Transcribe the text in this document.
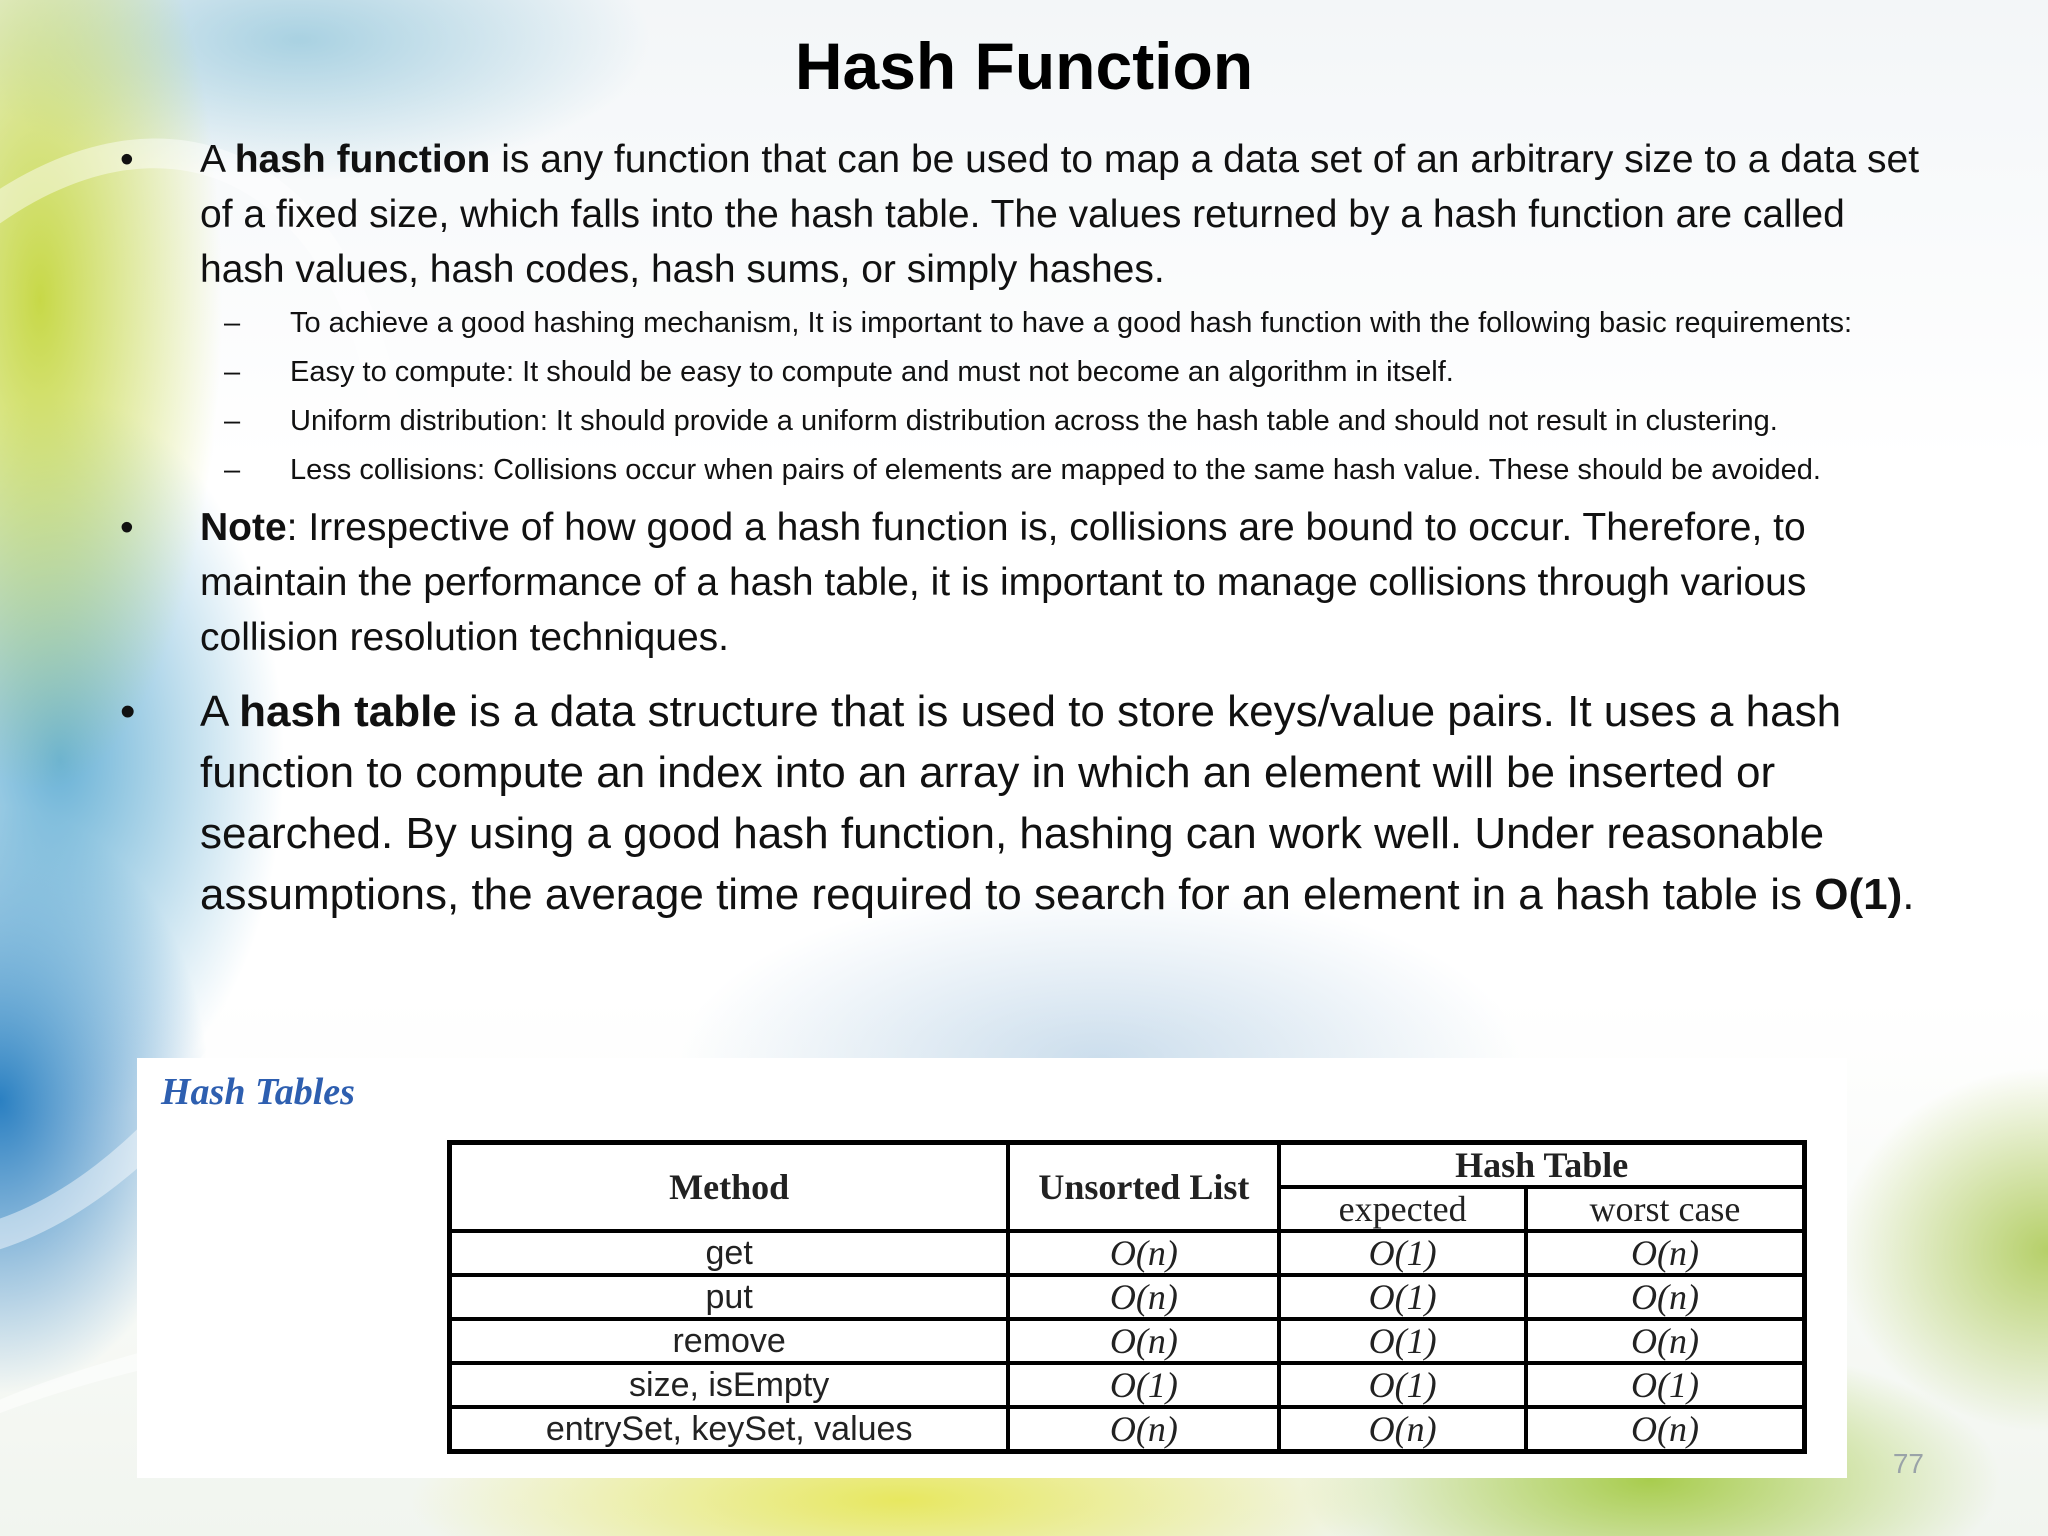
Hash Function

• A hash function is any function that can be used to map a data set of an arbitrary size to a data set of a fixed size, which falls into the hash table. The values returned by a hash function are called hash values, hash codes, hash sums, or simply hashes.

– To achieve a good hashing mechanism, It is important to have a good hash function with the following basic requirements:
– Easy to compute: It should be easy to compute and must not become an algorithm in itself.
– Uniform distribution: It should provide a uniform distribution across the hash table and should not result in clustering.
– Less collisions: Collisions occur when pairs of elements are mapped to the same hash value. These should be avoided.

• Note: Irrespective of how good a hash function is, collisions are bound to occur. Therefore, to maintain the performance of a hash table, it is important to manage collisions through various collision resolution techniques.

• A hash table is a data structure that is used to store keys/value pairs. It uses a hash function to compute an index into an array in which an element will be inserted or searched. By using a good hash function, hashing can work well. Under reasonable assumptions, the average time required to search for an element in a hash table is O(1).

Hash Tables
Method	Unsorted List	Hash Table	
		expected	worst case
get	O(n)	O(1)	O(n)
put	O(n)	O(1)	O(n)
remove	O(n)	O(1)	O(n)
size, isEmpty	O(1)	O(1)	O(1)
entrySet, keySet, values	O(n)	O(n)	O(n)
77
